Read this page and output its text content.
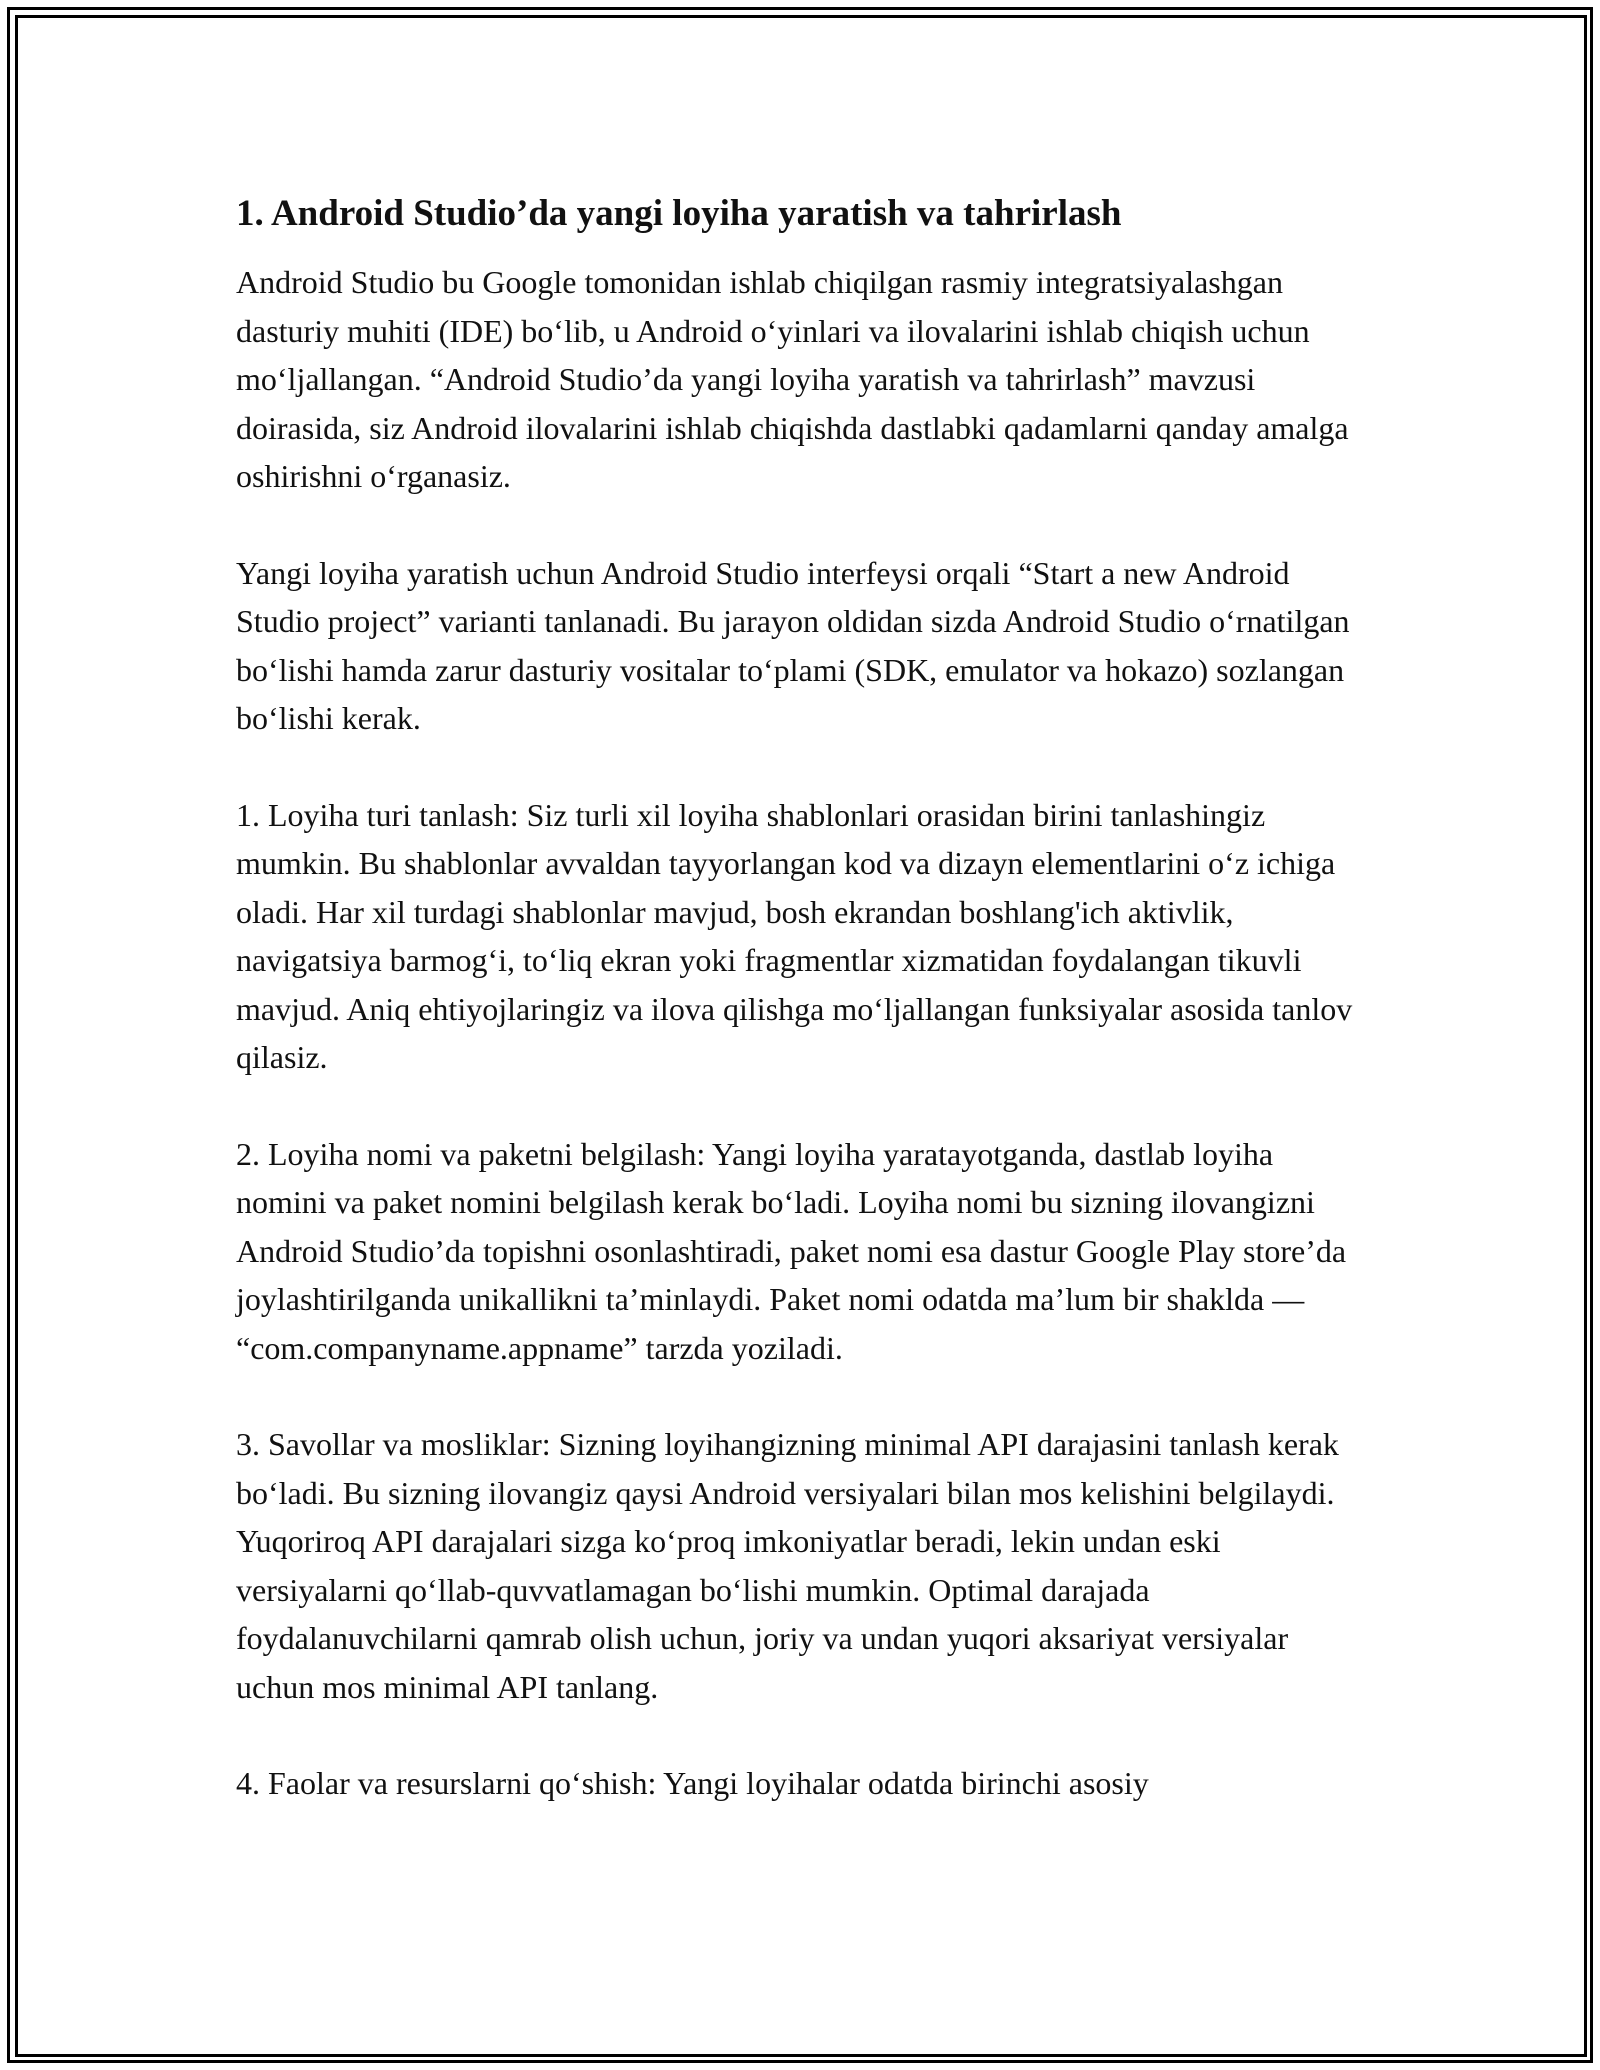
1. Android Studio’da yangi loyiha yaratish va tahrirlash

Android Studio bu Google tomonidan ishlab chiqilgan rasmiy integratsiyalashgan dasturiy muhiti (IDE) bo‘lib, u Android o‘yinlari va ilovalarini ishlab chiqish uchun mo‘ljallangan. “Android Studio’da yangi loyiha yaratish va tahrirlash” mavzusi doirasida, siz Android ilovalarini ishlab chiqishda dastlabki qadamlarni qanday amalga oshirishni o‘rganasiz.

Yangi loyiha yaratish uchun Android Studio interfeysi orqali “Start a new Android Studio project” varianti tanlanadi. Bu jarayon oldidan sizda Android Studio o‘rnatilgan bo‘lishi hamda zarur dasturiy vositalar to‘plami (SDK, emulator va hokazo) sozlangan bo‘lishi kerak.

1. Loyiha turi tanlash: Siz turli xil loyiha shablonlari orasidan birini tanlashingiz mumkin. Bu shablonlar avvaldan tayyorlangan kod va dizayn elementlarini o‘z ichiga oladi. Har xil turdagi shablonlar mavjud, bosh ekrandan boshlang'ich aktivlik, navigatsiya barmog‘i, to‘liq ekran yoki fragmentlar xizmatidan foydalangan tikuvli mavjud. Aniq ehtiyojlaringiz va ilova qilishga mo‘ljallangan funksiyalar asosida tanlov qilasiz.

2. Loyiha nomi va paketni belgilash: Yangi loyiha yaratayotganda, dastlab loyiha nomini va paket nomini belgilash kerak bo‘ladi. Loyiha nomi bu sizning ilovangizni Android Studio’da topishni osonlashtiradi, paket nomi esa dastur Google Play store’da joylashtirilganda unikallikni ta’minlaydi. Paket nomi odatda ma’lum bir shaklda — “com.companyname.appname” tarzda yoziladi.

3. Savollar va mosliklar: Sizning loyihangizning minimal API darajasini tanlash kerak bo‘ladi. Bu sizning ilovangiz qaysi Android versiyalari bilan mos kelishini belgilaydi. Yuqoriroq API darajalari sizga ko‘proq imkoniyatlar beradi, lekin undan eski versiyalarni qo‘llab-quvvatlamagan bo‘lishi mumkin. Optimal darajada foydalanuvchilarni qamrab olish uchun, joriy va undan yuqori aksariyat versiyalar uchun mos minimal API tanlang.

4. Faolar va resurslarni qo‘shish: Yangi loyihalar odatda birinchi asosiy
